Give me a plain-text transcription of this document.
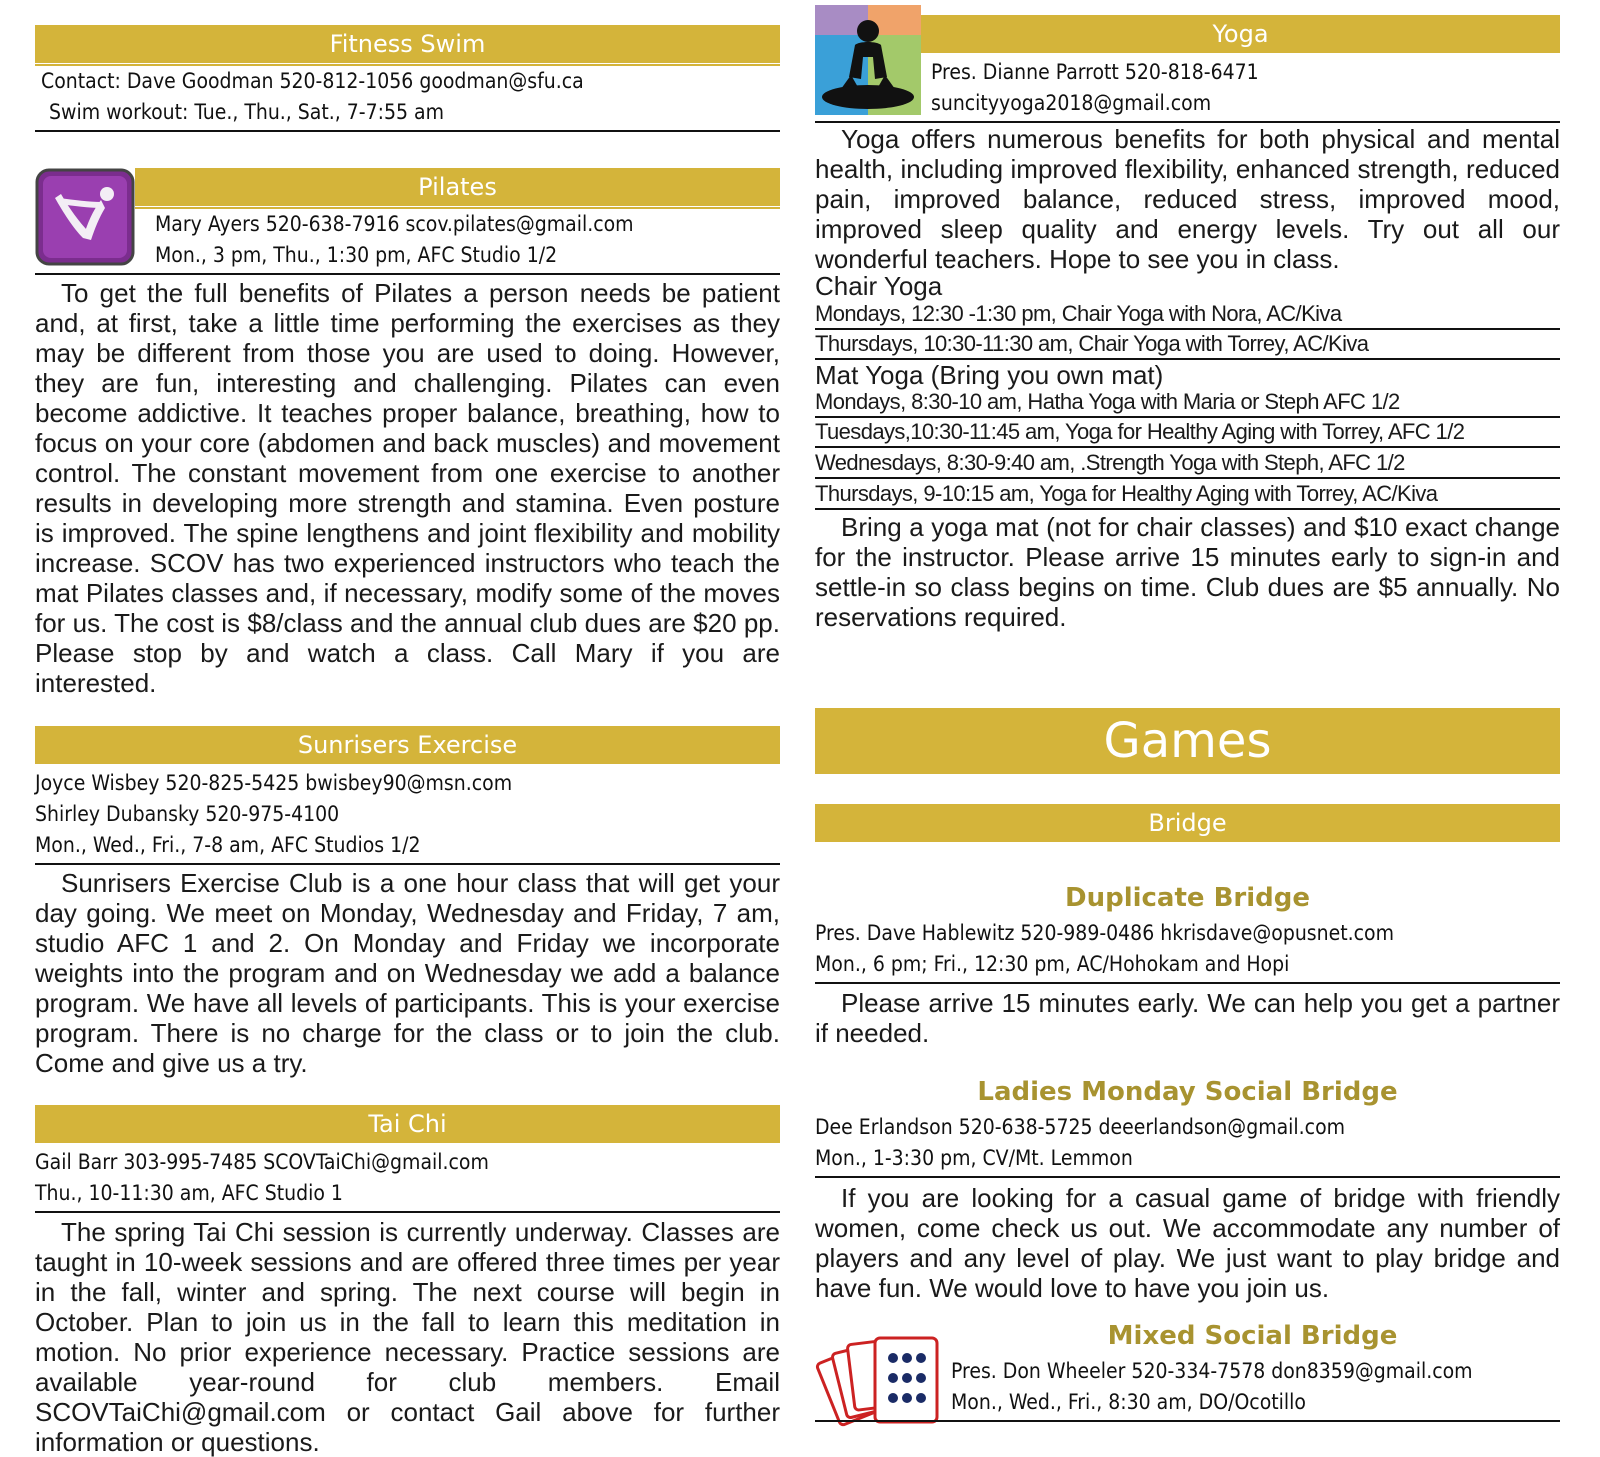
Fitness Swim
Contact: Dave Goodman 520-812-1056 goodman@sfu.ca
Swim workout: Tue., Thu., Sat., 7-7:55 am
Pilates
Mary Ayers 520-638-7916 scov.pilates@gmail.com
Mon., 3 pm, Thu., 1:30 pm, AFC Studio 1/2
To get the full benefits of Pilates a person needs be patient and, at first, take a little time performing the exercises as they may be different from those you are used to doing. However, they are fun, interesting and challenging. Pilates can even become addictive. It teaches proper balance, breathing, how to focus on your core (abdomen and back muscles) and movement control. The constant movement from one exercise to another results in developing more strength and stamina. Even posture is improved. The spine lengthens and joint flexibility and mobility increase. SCOV has two experienced instructors who teach the mat Pilates classes and, if necessary, modify some of the moves for us. The cost is $8/class and the annual club dues are $20 pp. Please stop by and watch a class. Call Mary if you are interested.
Sunrisers Exercise
Joyce Wisbey 520-825-5425 bwisbey90@msn.com
Shirley Dubansky 520-975-4100
Mon., Wed., Fri., 7-8 am, AFC Studios 1/2
Sunrisers Exercise Club is a one hour class that will get your day going. We meet on Monday, Wednesday and Friday, 7 am, studio AFC 1 and 2. On Monday and Friday we incorporate weights into the program and on Wednesday we add a balance program. We have all levels of participants. This is your exercise program. There is no charge for the class or to join the club. Come and give us a try.
Tai Chi
Gail Barr 303-995-7485 SCOVTaiChi@gmail.com
Thu., 10-11:30 am, AFC Studio 1
The spring Tai Chi session is currently underway. Classes are taught in 10-week sessions and are offered three times per year in the fall, winter and spring. The next course will begin in October. Plan to join us in the fall to learn this meditation in motion. No prior experience necessary. Practice sessions are available year-round for club members. Email SCOVTaiChi@gmail.com or contact Gail above for further information or questions.
Yoga
Pres. Dianne Parrott 520-818-6471
suncityyoga2018@gmail.com
Yoga offers numerous benefits for both physical and mental health, including improved flexibility, enhanced strength, reduced pain, improved balance, reduced stress, improved mood, improved sleep quality and energy levels. Try out all our wonderful teachers. Hope to see you in class.
Chair Yoga
Mondays, 12:30 -1:30 pm, Chair Yoga with Nora, AC/Kiva
Thursdays, 10:30-11:30 am, Chair Yoga with Torrey, AC/Kiva
Mat Yoga (Bring you own mat)
Mondays, 8:30-10 am, Hatha Yoga with Maria or Steph AFC 1/2
Tuesdays,10:30-11:45 am, Yoga for Healthy Aging with Torrey, AFC 1/2
Wednesdays, 8:30-9:40 am, .Strength Yoga with Steph, AFC 1/2
Thursdays, 9-10:15 am, Yoga for Healthy Aging with Torrey, AC/Kiva
Bring a yoga mat (not for chair classes) and $10 exact change for the instructor. Please arrive 15 minutes early to sign-in and settle-in so class begins on time. Club dues are $5 annually. No reservations required.
Games
Bridge
Duplicate Bridge
Pres. Dave Hablewitz 520-989-0486 hkrisdave@opusnet.com
Mon., 6 pm; Fri., 12:30 pm, AC/Hohokam and Hopi
Please arrive 15 minutes early. We can help you get a partner if needed.
Ladies Monday Social Bridge
Dee Erlandson 520-638-5725 deeerlandson@gmail.com
Mon., 1-3:30 pm, CV/Mt. Lemmon
If you are looking for a casual game of bridge with friendly women, come check us out. We accommodate any number of players and any level of play. We just want to play bridge and have fun. We would love to have you join us.
Mixed Social Bridge
Pres. Don Wheeler 520-334-7578 don8359@gmail.com
Mon., Wed., Fri., 8:30 am, DO/Ocotillo
